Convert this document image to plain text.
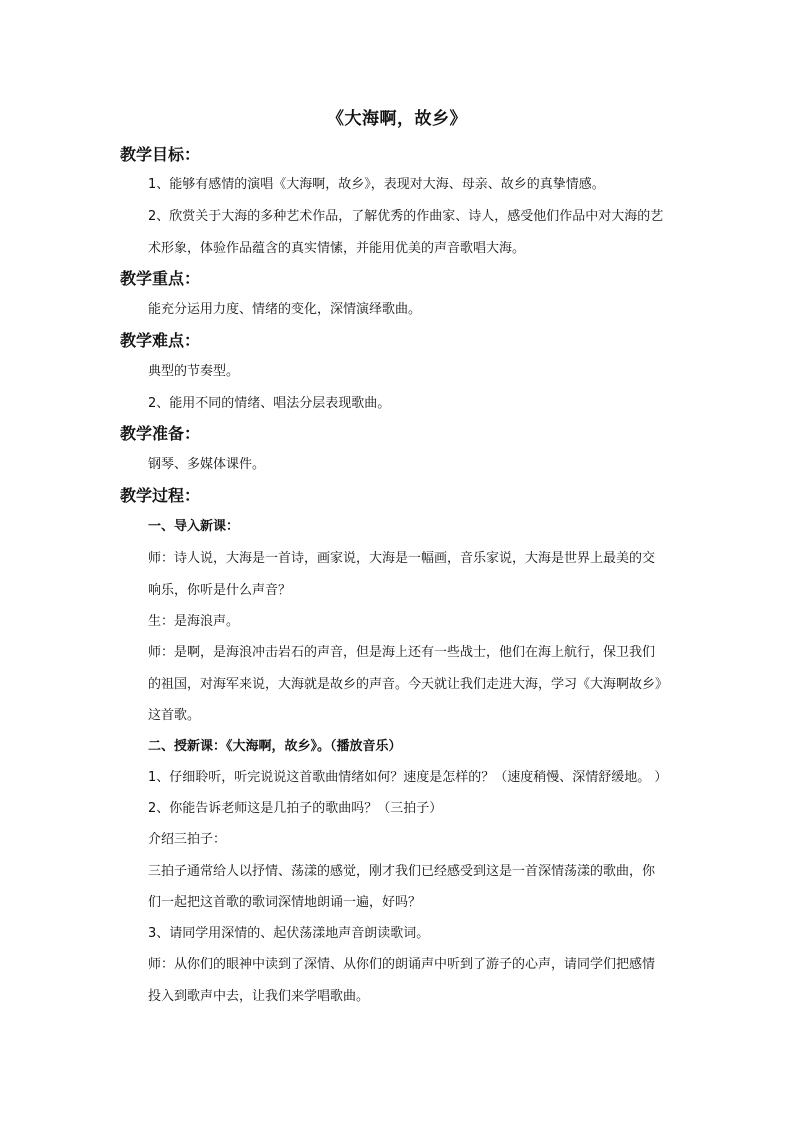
《大海啊，故乡》
教学目标：
1、能够有感情的演唱《大海啊，故乡》，表现对大海、母亲、故乡的真挚情感。
2、欣赏关于大海的多种艺术作品，了解优秀的作曲家、诗人，感受他们作品中对大海的艺
术形象，体验作品蕴含的真实情愫，并能用优美的声音歌唱大海。
教学重点：
能充分运用力度、情绪的变化，深情演绎歌曲。
教学难点：
典型的节奏型。
2、能用不同的情绪、唱法分层表现歌曲。
教学准备：
钢琴、多媒体课件。
教学过程：
一、导入新课：
师：诗人说，大海是一首诗，画家说，大海是一幅画，音乐家说，大海是世界上最美的交
响乐，你听是什么声音？
生：是海浪声。
师：是啊，是海浪冲击岩石的声音，但是海上还有一些战士，他们在海上航行，保卫我们
的祖国，对海军来说，大海就是故乡的声音。今天就让我们走进大海，学习《大海啊故乡》
这首歌。
二、授新课：《大海啊，故乡》。（播放音乐）
1、仔细聆听，听完说说这首歌曲情绪如何？速度是怎样的？（速度稍慢、深情舒缓地。 ）
2、你能告诉老师这是几拍子的歌曲吗？（三拍子）
介绍三拍子：
三拍子通常给人以抒情、荡漾的感觉，刚才我们已经感受到这是一首深情荡漾的歌曲，你
们一起把这首歌的歌词深情地朗诵一遍，好吗？
3、请同学用深情的、起伏荡漾地声音朗读歌词。
师：从你们的眼神中读到了深情、从你们的朗诵声中听到了游子的心声，请同学们把感情
投入到歌声中去，让我们来学唱歌曲。
